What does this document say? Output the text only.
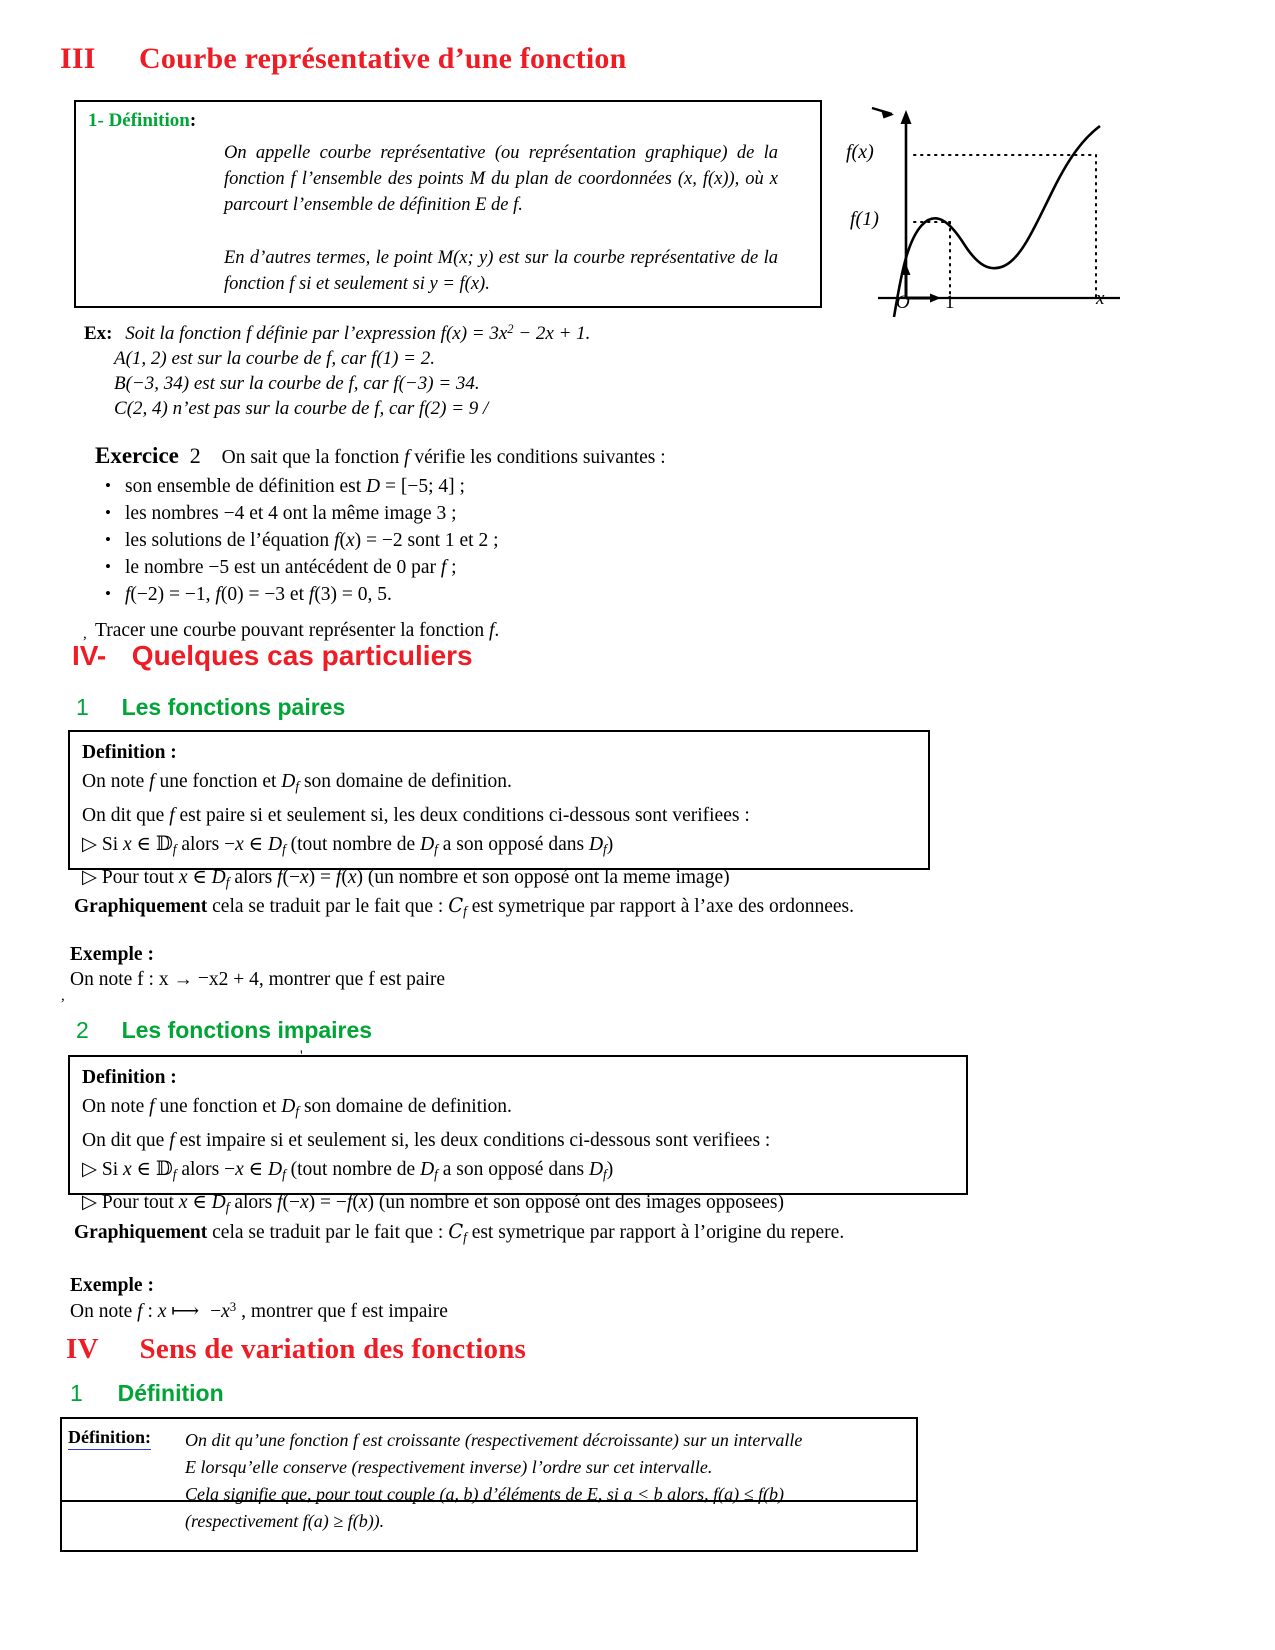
III Courbe représentative d’une fonction
1- Définition:
On appelle courbe représentative (ou représentation graphique) de la fonction f l’ensemble des points M du plan de coordonnées (x, f(x)), où x parcourt l’ensemble de définition E de f.
En d’autres termes, le point M(x; y) est sur la courbe représentative de la fonction f si et seulement si y = f(x).
f(x)
f(1)
O 1	x
Ex: Soit la fonction f définie par l’expression $f(x) = 3x^2 - 2x + 1$.
A(1, 2) est sur la courbe de f, car f(1) = 2.
B(−3, 34) est sur la courbe de f, car f(−3) = 34.
C(2, 4) n’est pas sur la courbe de f, car f(2) = 9 /
Exercice 2 On sait que la fonction f vérifie les conditions suivantes :
• son ensemble de définition est D = [−5; 4] ;
• les nombres −4 et 4 ont la même image 3 ;
• les solutions de l’équation f(x) = −2 sont 1 et 2 ;
• le nombre −5 est un antécédent de 0 par f ;
• f(−2) = −1, f(0) = −3 et f(3) = 0, 5.
, Tracer une courbe pouvant représenter la fonction f.
IV- Quelques cas particuliers
1 Les fonctions paires
Definition :
On note f une fonction et $D_f$ son domaine de definition.
On dit que f est paire si et seulement si, les deux conditions ci-dessous sont verifiees :
▷ Si x ∈ 𝔻$_f$ alors −x ∈ $D_f$ (tout nombre de $D_f$ a son opposé dans $D_f$)
▷ Pour tout x ∈ $D_f$ alors f(−x) = f(x) (un nombre et son opposé ont la meme image)
Graphiquement cela se traduit par le fait que : $C_f$ est symetrique par rapport à l’axe des ordonnees.
Exemple :
,
On note f : x → −x2 + 4, montrer que f est paire
2 Les fonctions impaires
Definition :
On note f une fonction et $D_f$ son domaine de definition.
On dit que f est impaire si et seulement si, les deux conditions ci-dessous sont verifiees :
▷ Si x ∈ 𝔻$_f$ alors −x ∈ $D_f$ (tout nombre de $D_f$ a son opposé dans $D_f$)
▷ Pour tout x ∈ $D_f$ alors f(−x) = −f(x) (un nombre et son opposé ont des images opposees)
Graphiquement cela se traduit par le fait que : $C_f$ est symetrique par rapport à l’origine du repere.
Exemple :
On note f : x ⟼ $-x^3$ , montrer que f est impaire
IV Sens de variation des fonctions
1 Définition
Définition: On dit qu’une fonction f est croissante (respectivement décroissante) sur un intervalle
E lorsqu’elle conserve (respectivement inverse) l’ordre sur cet intervalle.
Cela signifie que, pour tout couple (a, b) d’éléments de E, si a < b alors, f(a) ≤ f(b)
(respectivement f(a) ≥ f(b)).
